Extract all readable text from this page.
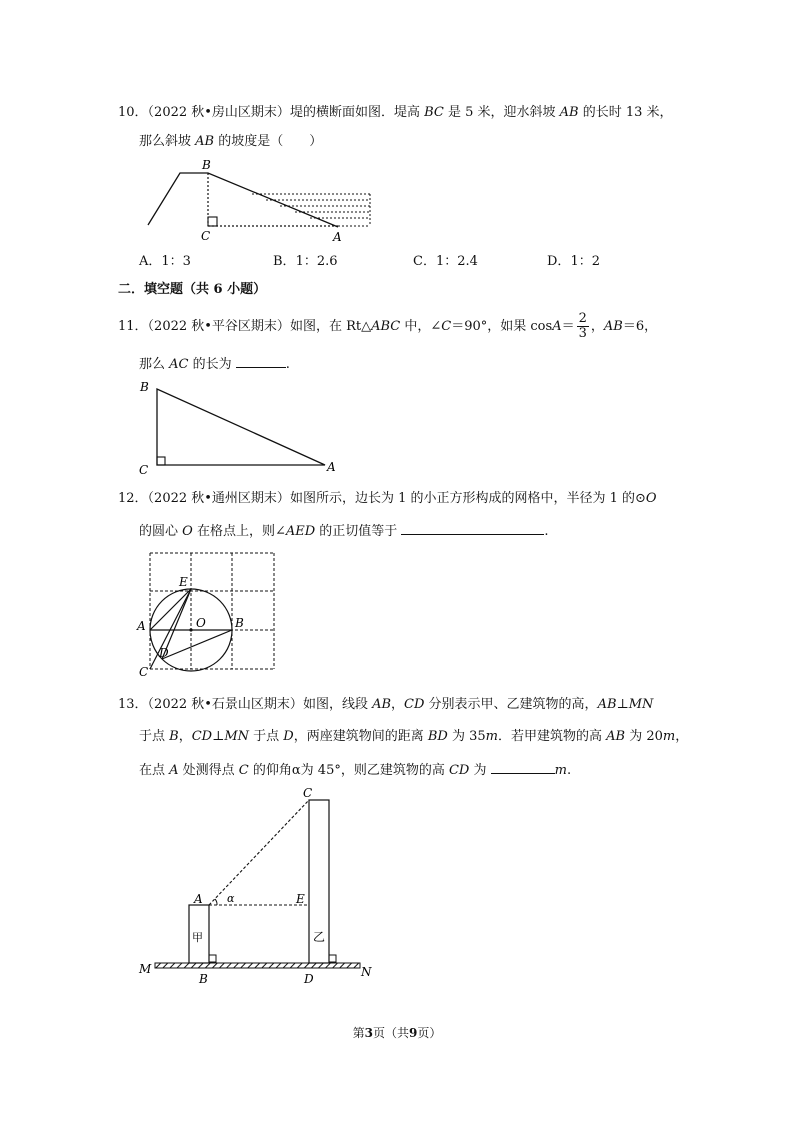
10．（2022 秋•房山区期末）堤的横断面如图．堤高 BC 是 5 米，迎水斜坡 AB 的长时 13 米，
那么斜坡 AB 的坡度是（　　）
B
C	A
A．1：3	B．1：2.6	C．1：2.4	D．1：2
二．填空题（共 6 小题）
11．（2022 秋•平谷区期末）如图，在 Rt△ABC 中，∠C＝90°，如果 $\cos A= \frac{2}{3}$ ，AB＝6，
那么 AC 的长为	.
B
C	A
12．（2022 秋•通州区期末）如图所示，边长为 1 的小正方形构成的网格中，半径为 1 的⊙O
的圆心 O 在格点上，则∠AED 的正切值等于	.
E
A	O B
D
C
13．（2022 秋•石景山区期末）如图，线段 AB，CD 分别表示甲、乙建筑物的高，AB⊥MN
于点 B，CD⊥MN 于点 D，两座建筑物间的距离 BD 为 35m．若甲建筑物的高 AB 为 20m，
在点 A 处测得点 C 的仰角α为 45°，则乙建筑物的高 CD 为	m.
C
A α	E
甲	乙
M
B	D	N
第3页（共9页）
